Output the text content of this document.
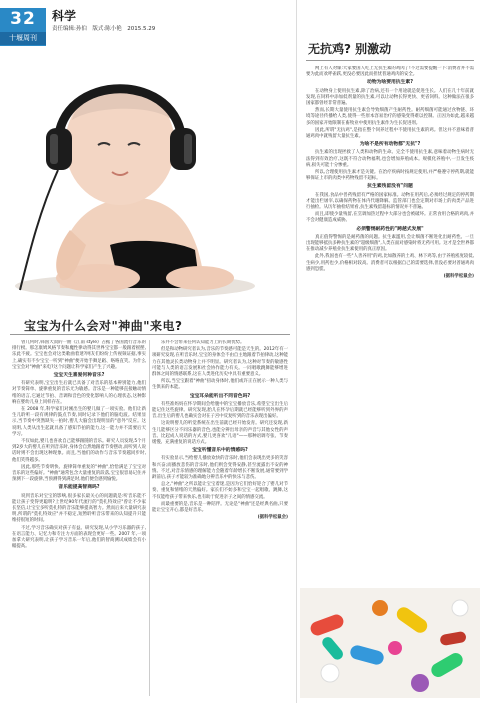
32
十堰周刊
科学
责任编辑:孙伯　版式:陈小艳　2015.5.29
宝宝为什么会对"神曲"来电?

曾几何时,韩国大叔的一曲《江南 style》占据了各国流行音乐的排行榜。那怎康姆风格节奏和魔性律动得其世界宝宝都一般跟着摇摆,乐此不疲。宝宝也会对这类歌曲着迷?网友们纷纷上传视频证据,事实上,确实有不少宝宝一听到"神曲"便开始手舞足蹈、咯咯直笑。为什么宝宝会对"神曲"来电?这个问题让科学家们产生了兴趣。

宝宝天生喜爱何种音乐?

有研究表明,宝宝出生后就已具备了对音乐的基本辨别能力,他们对节奏简单、旋律重复的音乐尤为敏感。音乐是一种能够直接触动情绪的语言,它通过节拍、音调和音色的变化影响人的心理状态,这种影响在婴幼儿身上同样存在。

在 2008 年,科学家们对刚出生的婴儿做了一项实验。他们让新生儿聆听一段有规律的鼓点节奏,同时记录下他们的脑电波。结果显示,当节奏中突然缺失一拍时,婴儿大脑会出现明显的"意外"反应。这说明,人类从出生起就具备了感知节拍的能力,这一能力并不需要后天学习。

不仅如此,婴儿也喜欢自己能够跟随的音乐。研究人员发现,5个月到2岁大的婴儿在听到音乐时,身体会自然地跟着节奏摆动,而听到人说话时则不会出现这种现象。而且,当他们的动作与音乐节奏越同步时,他们笑得越多。

因此,那些节奏明快、旋律简单重复的"神曲",恰恰满足了宝宝对音乐的这些偏好。"神曲"通常包含大量重复的段落,宝宝很容易记住并预测下一段旋律,当预测得到满足时,他们便会感到愉悦。

音乐能提高智商吗?

说到音乐对宝宝的影响,很多家长最关心的问题就是:听音乐能不能让孩子变得更聪明?上世纪90年代流行的"莫扎特效应"曾让不少家长坚信,让宝宝多听莫扎特的音乐能够提高智力。然而后来大量研究表明,所谓的"莫扎特效应"并不稳定,短暂聆听音乐带来的认知提升只能维持很短的时间。

不过,学习音乐确实对孩子有益。研究发现,从小学习乐器的孩子,在语言能力、记忆力和专注力方面的表现会更好一些。2007 年,一项加拿大研究表明,让孩子学习音乐一年后,他们的智商测试成绩会有小幅提高。

乐并不会带来任何认知能力上的长期优势。

但是和动物研究者认为,音乐的节奏感可能是天生的。2012年有一项研究发现,在听音乐时,宝宝的身体会不由自主地跟着节拍律动,这种能力在其他灵长类动物身上并不明显。研究者认为,这种对节奏的敏感性可能与人类的语言发展和社会协作能力有关。一同唱歌跳舞能够增进群体之间的情感联系,这在人类进化历史中具有重要意义。

所以,当宝宝跟着"神曲"扭动身体时,他们或许正在展示一种人类与生俱来的本能。

宝宝耳朵能听出不同音色吗?

有些准妈妈在怀孕期间会给腹中的宝宝播放音乐,希望宝宝出生后能记住这些旋律。研究发现,胎儿在怀孕后期就已经能够听到外界的声音,出生后的婴儿也确实会对在子宫中反复听到的音乐表现出偏好。

这说明婴儿的听觉系统在出生前就已经开始发育。研究还发现,新生儿能够区分不同乐器的音色,也能分辨出母亲的声音与其他女性的声音。比起成人说话的方式,婴儿更喜欢"儿语"——那种语调夸张、节奏缓慢、充满重复的说话方式。

宝宝听懂音乐中的情感吗?

有实验显示,当给婴儿播放欢快的音乐时,他们会表现出更多的笑容和兴奋;而播放悲伤的音乐时,他们则会变得安静,甚至流露出不安的神情。不过,对音乐情感的理解能力会随着年龄增长不断发展,通常要到学龄前后,孩子才能较为准确地分辨音乐中的快乐与悲伤。

总之,"神曲"之所以能让宝宝着迷,是因为它们恰好迎合了婴儿对节奏、重复和情绪的天然偏好。家长们不妨多和宝宝一起唱歌、跳舞,这不仅能给孩子带来快乐,也有助于促进亲子之间的情感交流。

而最重要的是,音乐是一种陪伴。无论是"神曲"还是经典名曲,只要能让宝宝开心,都是好音乐。

(据科学松鼠会)

无抗鸡? 别激动

网上有人対媒:大家要国人吃上无抗生素的鸡肉了!不过需要提醒一下:消费者并不需要为此而欢呼雀跃,更没必要因此而担忧普通鸡肉的安全。

动物为啥要用抗生素?

在动物身上使用抗生素,除了治病,还有一个用途就是促进生长。人们在几十年前就发现,在饲料中添加低剂量的抗生素,可以让动物长得更快、更省饲料。这种做法在很多国家都曾经非常普遍。

然而,长期大量使用抗生素会导致细菌产生耐药性。耐药细菌可能通过食物链、环境等途径传播给人类,使得一些原本容易治疗的感染变得难以控制。正因为如此,越来越多的国家开始限制在畜牧业中使用抗生素作为生长促进剂。

因此,所谓"无抗鸡",是指在整个饲养过程中不使用抗生素的鸡。但这并不意味着普通鸡肉中就残留大量抗生素。

为啥不是所有动物都"无抗"?

抗生素的出现拯救了人类和动物的生命。完全不使用抗生素,意味着动物生病时无法得到有效治疗,这既不符合动物福利,也会增加养殖成本。规模化养殖中,一旦发生疫病,损失可能十分惨重。

所以,合理使用抗生素才是关键。在治疗疾病时按规定使用,并严格遵守停药期,就能够保证上市的肉类中药物残留不超标。

抗生素残留没有"问题

在我国,食品中兽药残留有严格的国家标准。动物在用药后,必须经过规定的停药期才能出栏屠宰,以确保药物在体内代谢降解。监管部门也会定期对市场上的肉类产品进行抽检。从历年抽检结果看,抗生素残留超标的情况并不普遍。

而且,即使少量残留,在烹调加热过程中大部分也会被破坏。正常食用合格的鸡肉,并不会对健康造成威胁。

必须警惕耐药性的"跨越式发展"

真正值得警惕的是耐药菌的问题。抗生素滥用,会让细菌不断进化出耐药性。一旦出现能够抵抗多种抗生素的"超级细菌",人类在面对感染时将无药可用。这才是全世界都在推动减少养殖业抗生素使用的真正原因。

此外,我国也有一些"人善养用"的鸡,比如散养的土鸡、林下鸡等,由于养殖密度较低,生病少,用药也少,价格相对较高。消费者可以根据自己的需要选择,但没必要对普通鸡肉感到恐慌。

(据科学松鼠会)
